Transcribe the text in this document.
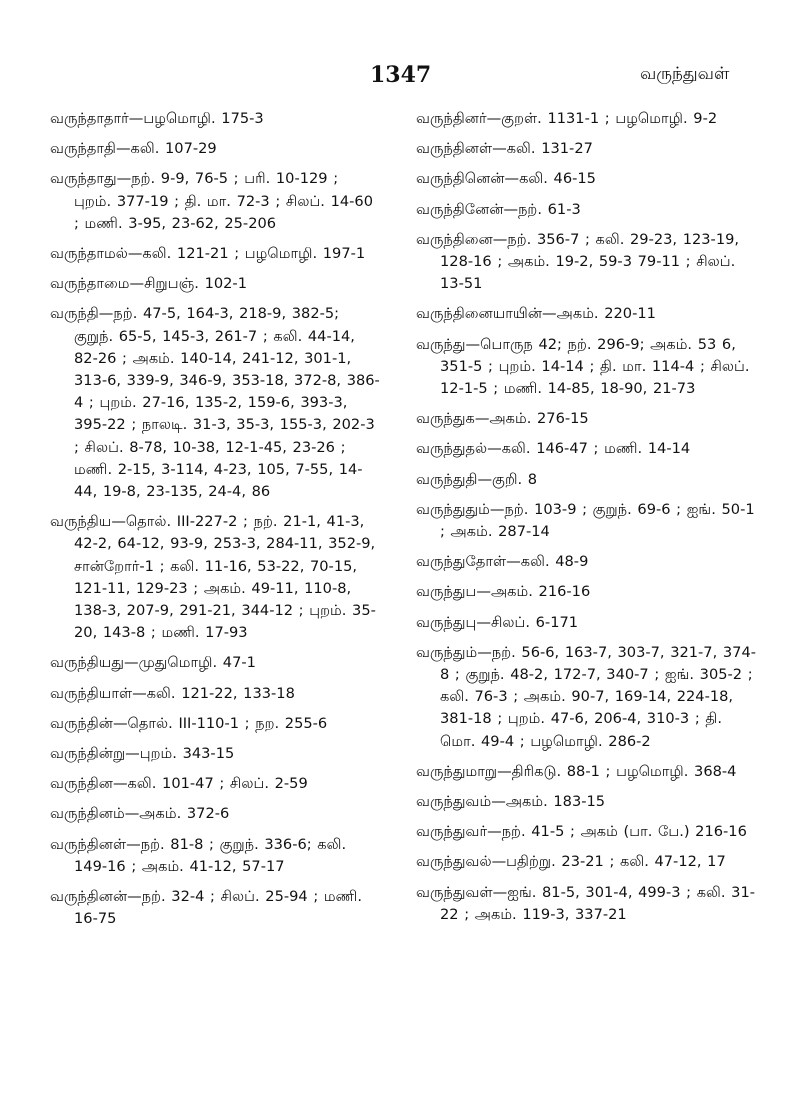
1347	வருந்துவள்
வருந்தாதார்—பழமொழி. 175-3
வருந்தாதி—கலி. 107-29
வருந்தாது—நற். 9-9, 76-5 ; பரி. 10-129 ; புறம். 377-19 ; தி. மா. 72-3 ; சிலப். 14-60 ; மணி. 3-95, 23-62, 25-206
வருந்தாமல்—கலி. 121-21 ; பழமொழி. 197-1
வருந்தாமை—சிறுபஞ். 102-1
வருந்தி—நற். 47-5, 164-3, 218-9, 382-5; குறுந். 65-5, 145-3, 261-7 ; கலி. 44-14, 82-26 ; அகம். 140-14, 241-12, 301-1, 313-6, 339-9, 346-9, 353-18, 372-8, 386-4 ; புறம். 27-16, 135-2, 159-6, 393-3, 395-22 ; நாலடி. 31-3, 35-3, 155-3, 202-3 ; சிலப். 8-78, 10-38, 12-1-45, 23-26 ; மணி. 2-15, 3-114, 4-23, 105, 7-55, 14-44, 19-8, 23-135, 24-4, 86
வருந்திய—தொல். III-227-2 ; நற். 21-1, 41-3, 42-2, 64-12, 93-9, 253-3, 284-11, 352-9, சான்றோர்-1 ; கலி. 11-16, 53-22, 70-15, 121-11, 129-23 ; அகம். 49-11, 110-8, 138-3, 207-9, 291-21, 344-12 ; புறம். 35-20, 143-8 ; மணி. 17-93
வருந்தியது—முதுமொழி. 47-1
வருந்தியாள்—கலி. 121-22, 133-18
வருந்தின்—தொல். III-110-1 ; நற. 255-6
வருந்தின்று—புறம். 343-15
வருந்தின—கலி. 101-47 ; சிலப். 2-59
வருந்தினம்—அகம். 372-6
வருந்தினள்—நற். 81-8 ; குறுந். 336-6; கலி. 149-16 ; அகம். 41-12, 57-17
வருந்தினன்—நற். 32-4 ; சிலப். 25-94 ; மணி. 16-75
வருந்தினர்—குறள். 1131-1 ; பழமொழி. 9-2
வருந்தினள்—கலி. 131-27
வருந்தினென்—கலி. 46-15
வருந்தினேன்—நற். 61-3
வருந்தினை—நற். 356-7 ; கலி. 29-23, 123-19, 128-16 ; அகம். 19-2, 59-3 79-11 ; சிலப். 13-51
வருந்தினையாயின்—அகம். 220-11
வருந்து—பொருந 42; நற். 296-9; அகம். 53 6, 351-5 ; புறம். 14-14 ; தி. மா. 114-4 ; சிலப். 12-1-5 ; மணி. 14-85, 18-90, 21-73
வருந்துக—அகம். 276-15
வருந்துதல்—கலி. 146-47 ; மணி. 14-14
வருந்துதி—குறி. 8
வருந்துதும்—நற். 103-9 ; குறுந். 69-6 ; ஐங். 50-1 ; அகம். 287-14
வருந்துதோள்—கலி. 48-9
வருந்துப—அகம். 216-16
வருந்துபு—சிலப். 6-171
வருந்தும்—நற். 56-6, 163-7, 303-7, 321-7, 374-8 ; குறுந். 48-2, 172-7, 340-7 ; ஐங். 305-2 ; கலி. 76-3 ; அகம். 90-7, 169-14, 224-18, 381-18 ; புறம். 47-6, 206-4, 310-3 ; தி. மொ. 49-4 ; பழமொழி. 286-2
வருந்துமாறு—திரிகடு. 88-1 ; பழமொழி. 368-4
வருந்துவம்—அகம். 183-15
வருந்துவர்—நற். 41-5 ; அகம் (பா. பே.) 216-16
வருந்துவல்—பதிற்று. 23-21 ; கலி. 47-12, 17
வருந்துவள்—ஐங். 81-5, 301-4, 499-3 ; கலி. 31-22 ; அகம். 119-3, 337-21
